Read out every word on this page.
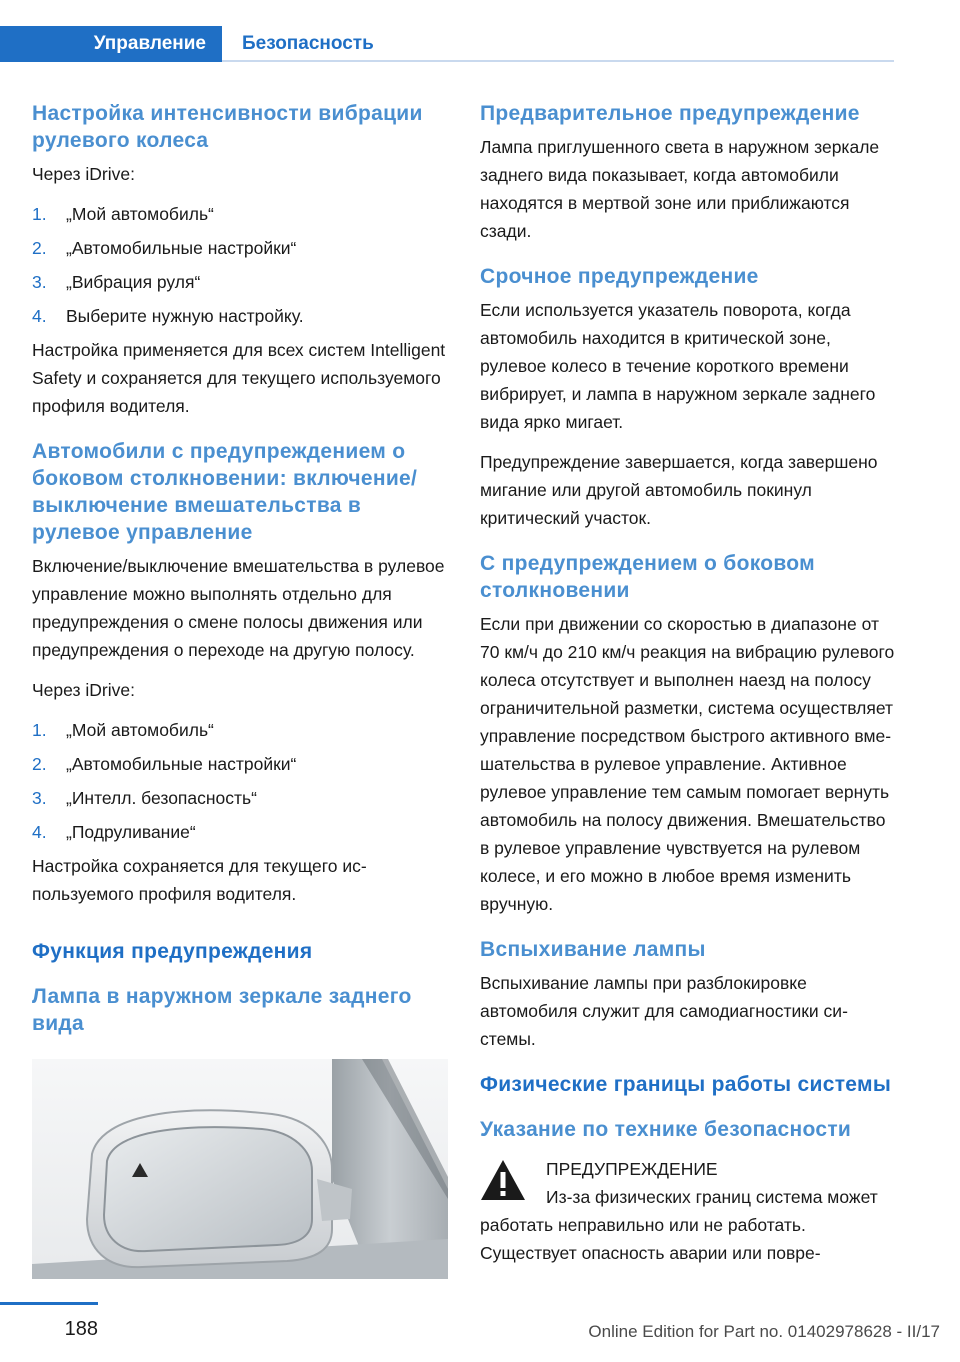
Управление	Безопасность
Настройка интенсивности вибрации рулевого колеса

Через iDrive:

1. „Мой автомобиль“
2. „Автомобильные настройки“
3. „Вибрация руля“
4. Выберите нужную настройку.

Настройка применяется для всех систем Intelligent Safety и сохраняется для текущего используемого профиля водителя.

Автомобили с предупреждением о боковом столкновении: включение/выключение вмешательства в рулевое управление

Включение/выключение вмешательства в рулевое управление можно выполнять отдельно для предупреждения о смене полосы движения или предупреждения о переходе на другую полосу.

Через iDrive:

1. „Мой автомобиль“
2. „Автомобильные настройки“
3. „Интелл. безопасность“
4. „Подруливание“

Настройка сохраняется для текущего используемого профиля водителя.

Функция предупреждения
Лампа в наружном зеркале заднего вида
Предварительное предупреждение

Лампа приглушенного света в наружном зеркале заднего вида показывает, когда автомобили находятся в мертвой зоне или приближаются сзади.

Срочное предупреждение

Если используется указатель поворота, когда автомобиль находится в критической зоне, рулевое колесо в течение короткого времени вибрирует, и лампа в наружном зеркале заднего вида ярко мигает.

Предупреждение завершается, когда завершено мигание или другой автомобиль покинул критический участок.

С предупреждением о боковом столкновении

Если при движении со скоростью в диапазоне от 70 км/ч до 210 км/ч реакция на вибрацию рулевого колеса отсутствует и выполнен наезд на полосу ограничительной разметки, система осуществляет управление посредством быстрого активного вмешательства в рулевое управление. Активное рулевое управление тем самым помогает вернуть автомобиль на полосу движения. Вмешательство в рулевое управление чувствуется на рулевом колесе, и его можно в любое время изменить вручную.

Вспыхивание лампы

Вспыхивание лампы при разблокировке автомобиля служит для самодиагностики системы.

Физические границы работы системы
Указание по технике безопасности

ПРЕДУПРЕЖДЕНИЕ

Из-за физических границ система может работать неправильно или не работать. Существует опасность аварии или повре-

188	Online Edition for Part no. 01402978628 - II/17
